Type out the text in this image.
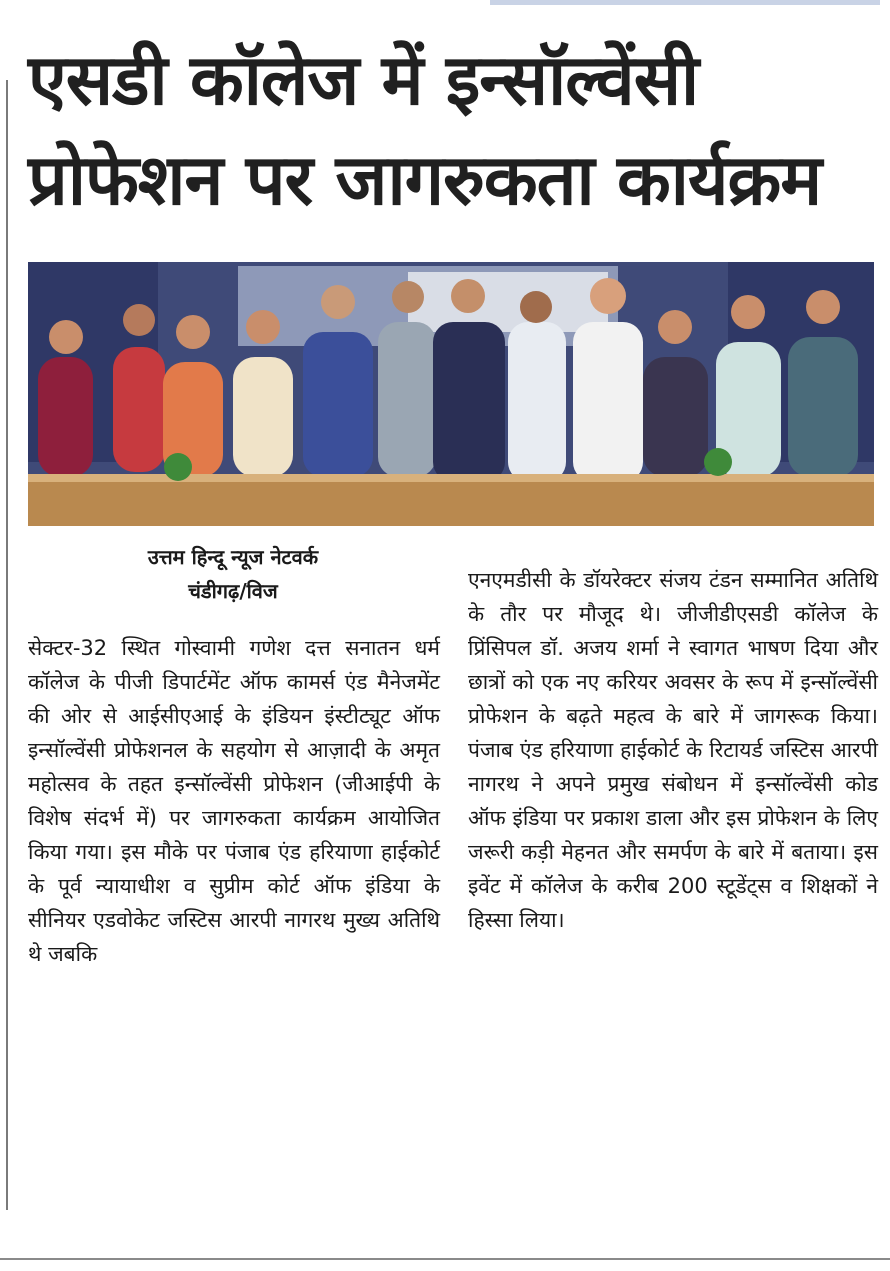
एसडी कॉलेज में इन्सॉल्वेंसी
प्रोफेशन पर जागरुकता कार्यक्रम
उत्तम हिन्दू न्यूज नेटवर्क
चंडीगढ़/विज

सेक्टर-32 स्थित गोस्वामी गणेश दत्त सनातन धर्म कॉलेज के पीजी डिपार्टमेंट ऑफ कामर्स एंड मैनेजमेंट की ओर से आईसीएआई के इंडियन इंस्टीट्यूट ऑफ इन्सॉल्वेंसी प्रोफेशनल के सहयोग से आज़ादी के अमृत महोत्सव के तहत इन्सॉल्वेंसी प्रोफेशन (जीआईपी के विशेष संदर्भ में) पर जागरुकता कार्यक्रम आयोजित किया गया। इस मौके पर पंजाब एंड हरियाणा हाईकोर्ट के पूर्व न्यायाधीश व सुप्रीम कोर्ट ऑफ इंडिया के सीनियर एडवोकेट जस्टिस आरपी नागरथ मुख्य अतिथि थे जबकि

एनएमडीसी के डॉयरेक्टर संजय टंडन सम्मानित अतिथि के तौर पर मौजूद थे। जीजीडीएसडी कॉलेज के प्रिंसिपल डॉ. अजय शर्मा ने स्वागत भाषण दिया और छात्रों को एक नए करियर अवसर के रूप में इन्सॉल्वेंसी प्रोफेशन के बढ़ते महत्व के बारे में जागरूक किया। पंजाब एंड हरियाणा हाईकोर्ट के रिटायर्ड जस्टिस आरपी नागरथ ने अपने प्रमुख संबोधन में इन्सॉल्वेंसी कोड ऑफ इंडिया पर प्रकाश डाला और इस प्रोफेशन के लिए जरूरी कड़ी मेहनत और समर्पण के बारे में बताया। इस इवेंट में कॉलेज के करीब 200 स्टूडेंट्स व शिक्षकों ने हिस्सा लिया।
